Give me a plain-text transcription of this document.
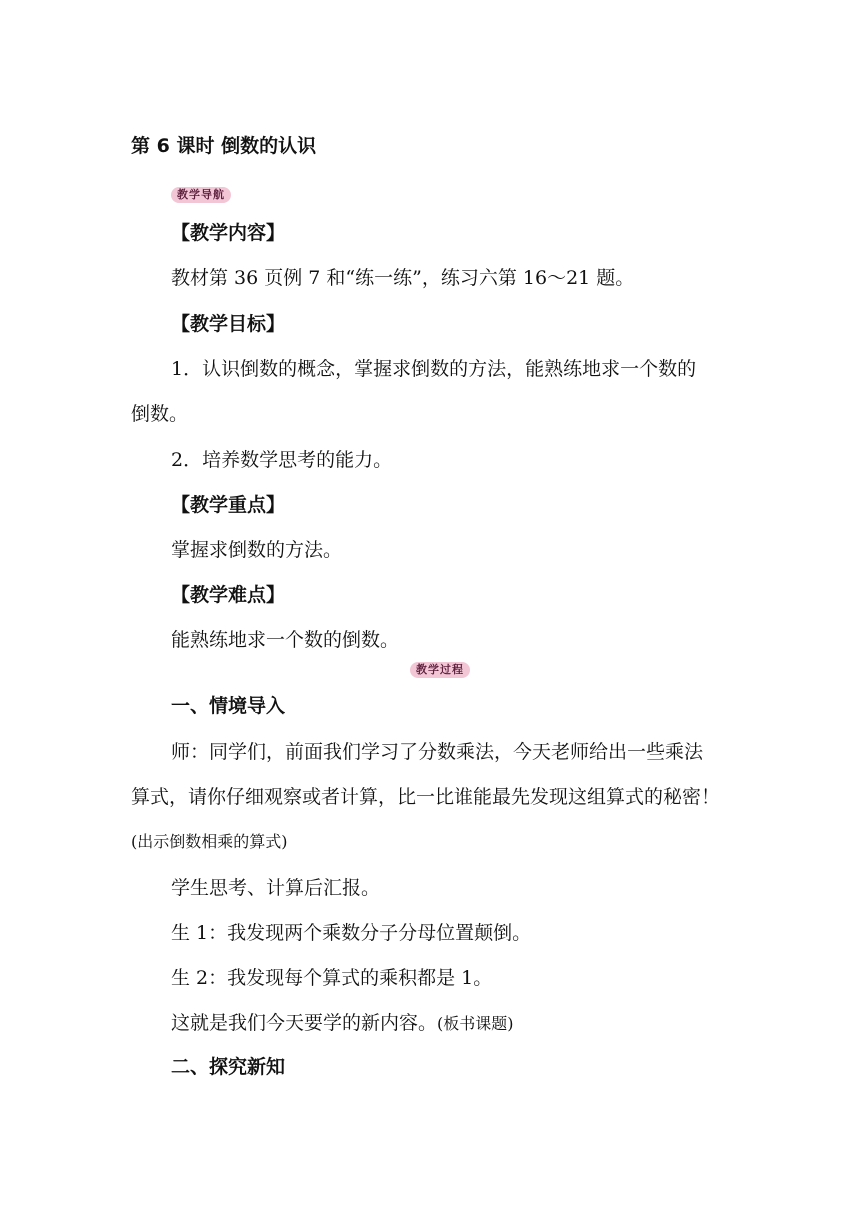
第 6 课时 倒数的认识
教学导航
【教学内容】
教材第 36 页例 7 和“练一练”，练习六第 16～21 题。
【教学目标】
1．认识倒数的概念，掌握求倒数的方法，能熟练地求一个数的
倒数。
2．培养数学思考的能力。
【教学重点】
掌握求倒数的方法。
【教学难点】
能熟练地求一个数的倒数。
教学过程
一、情境导入
师：同学们，前面我们学习了分数乘法，今天老师给出一些乘法
算式，请你仔细观察或者计算，比一比谁能最先发现这组算式的秘密！
(出示倒数相乘的算式)
学生思考、计算后汇报。
生 1：我发现两个乘数分子分母位置颠倒。
生 2：我发现每个算式的乘积都是 1。
这就是我们今天要学的新内容。(板书课题)
二、探究新知
